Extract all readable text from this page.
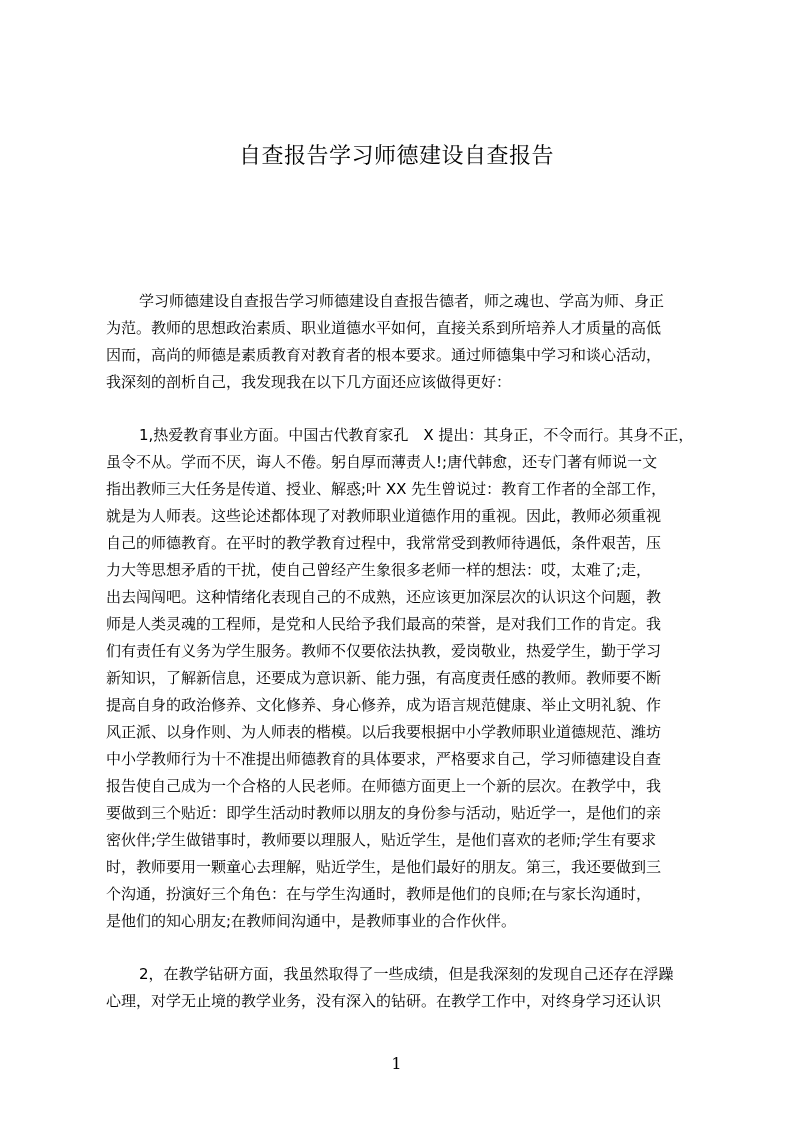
自查报告学习师德建设自查报告
学习师德建设自查报告学习师德建设自查报告德者，师之魂也、学高为师、身正
为范。教师的思想政治素质、职业道德水平如何，直接关系到所培养人才质量的高低
因而，高尚的师德是素质教育对教育者的根本要求。通过师德集中学习和谈心活动，
我深刻的剖析自己，我发现我在以下几方面还应该做得更好：
1,热爱教育事业方面。中国古代教育家孔　X 提出：其身正，不令而行。其身不正，
虽令不从。学而不厌，诲人不倦。躬自厚而薄责人!;唐代韩愈，还专门著有师说一文
指出教师三大任务是传道、授业、解惑;叶 XX 先生曾说过：教育工作者的全部工作，
就是为人师表。这些论述都体现了对教师职业道德作用的重视。因此，教师必须重视
自己的师德教育。在平时的教学教育过程中，我常常受到教师待遇低，条件艰苦，压
力大等思想矛盾的干扰，使自己曾经产生象很多老师一样的想法：哎，太难了;走，
出去闯闯吧。这种情绪化表现自己的不成熟，还应该更加深层次的认识这个问题，教
师是人类灵魂的工程师，是党和人民给予我们最高的荣誉，是对我们工作的肯定。我
们有责任有义务为学生服务。教师不仅要依法执教，爱岗敬业，热爱学生，勤于学习
新知识，了解新信息，还要成为意识新、能力强，有高度责任感的教师。教师要不断
提高自身的政治修养、文化修养、身心修养，成为语言规范健康、举止文明礼貌、作
风正派、以身作则、为人师表的楷模。以后我要根据中小学教师职业道德规范、潍坊
中小学教师行为十不准提出师德教育的具体要求，严格要求自己，学习师德建设自查
报告使自己成为一个合格的人民老师。在师德方面更上一个新的层次。在教学中，我
要做到三个贴近：即学生活动时教师以朋友的身份参与活动，贴近学一，是他们的亲
密伙伴;学生做错事时，教师要以理服人，贴近学生，是他们喜欢的老师;学生有要求
时，教师要用一颗童心去理解，贴近学生，是他们最好的朋友。第三，我还要做到三
个沟通，扮演好三个角色：在与学生沟通时，教师是他们的良师;在与家长沟通时，
是他们的知心朋友;在教师间沟通中，是教师事业的合作伙伴。
2，在教学钻研方面，我虽然取得了一些成绩，但是我深刻的发现自己还存在浮躁
心理，对学无止境的教学业务，没有深入的钻研。在教学工作中，对终身学习还认识
1
